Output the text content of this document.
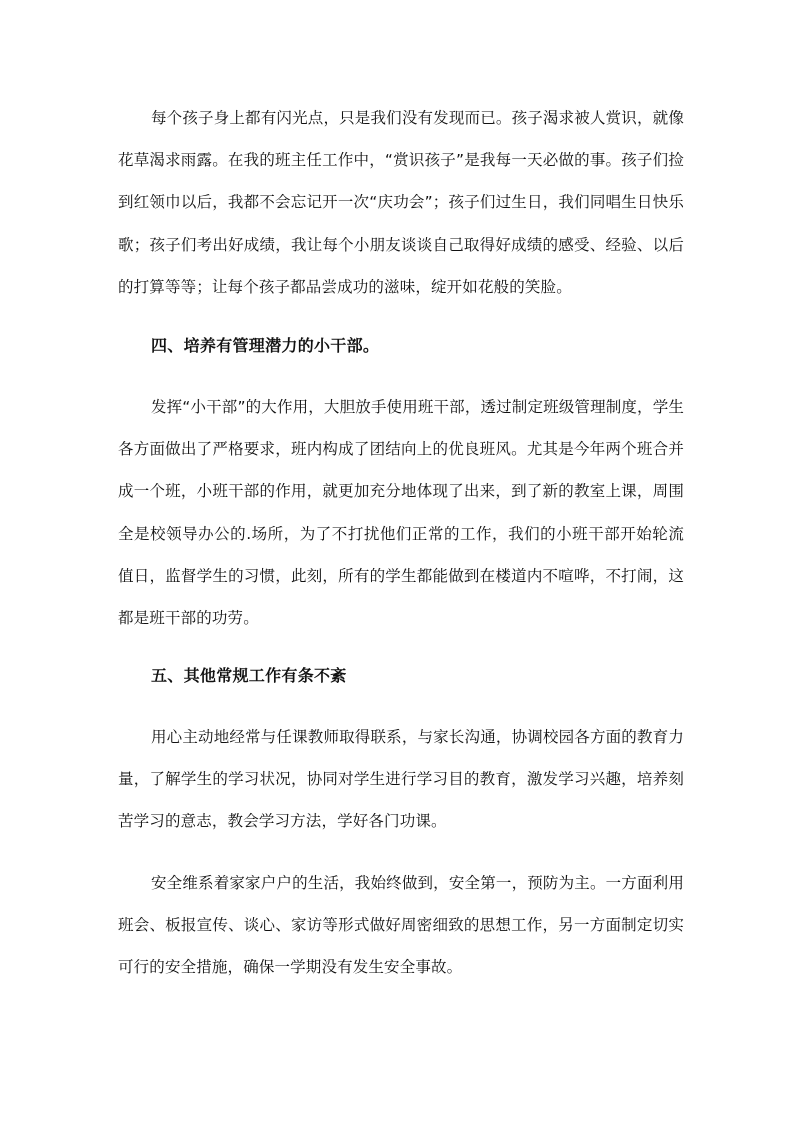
每个孩子身上都有闪光点，只是我们没有发现而已。孩子渴求被人赏识，就像花草渴求雨露。在我的班主任工作中，“赏识孩子”是我每一天必做的事。孩子们捡到红领巾以后，我都不会忘记开一次“庆功会”；孩子们过生日，我们同唱生日快乐歌；孩子们考出好成绩，我让每个小朋友谈谈自己取得好成绩的感受、经验、以后的打算等等；让每个孩子都品尝成功的滋味，绽开如花般的笑脸。

四、培养有管理潜力的小干部。

发挥“小干部”的大作用，大胆放手使用班干部，透过制定班级管理制度，学生各方面做出了严格要求，班内构成了团结向上的优良班风。尤其是今年两个班合并成一个班，小班干部的作用，就更加充分地体现了出来，到了新的教室上课，周围全是校领导办公的.场所，为了不打扰他们正常的工作，我们的小班干部开始轮流值日，监督学生的习惯，此刻，所有的学生都能做到在楼道内不喧哗，不打闹，这都是班干部的功劳。

五、其他常规工作有条不紊

用心主动地经常与任课教师取得联系，与家长沟通，协调校园各方面的教育力量，了解学生的学习状况，协同对学生进行学习目的教育，激发学习兴趣，培养刻苦学习的意志，教会学习方法，学好各门功课。

安全维系着家家户户的生活，我始终做到，安全第一，预防为主。一方面利用班会、板报宣传、谈心、家访等形式做好周密细致的思想工作，另一方面制定切实可行的安全措施，确保一学期没有发生安全事故。
